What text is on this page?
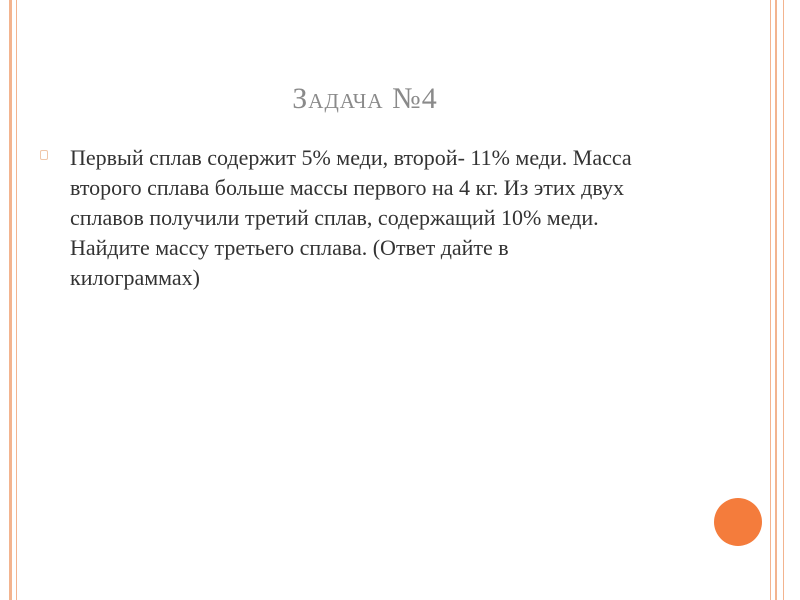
Задача №4

Первый сплав содержит 5% меди, второй- 11% меди. Масса второго сплава больше массы первого на 4 кг. Из этих двух сплавов получили третий сплав, содержащий 10% меди. Найдите массу третьего сплава. (Ответ дайте в килограммах)
